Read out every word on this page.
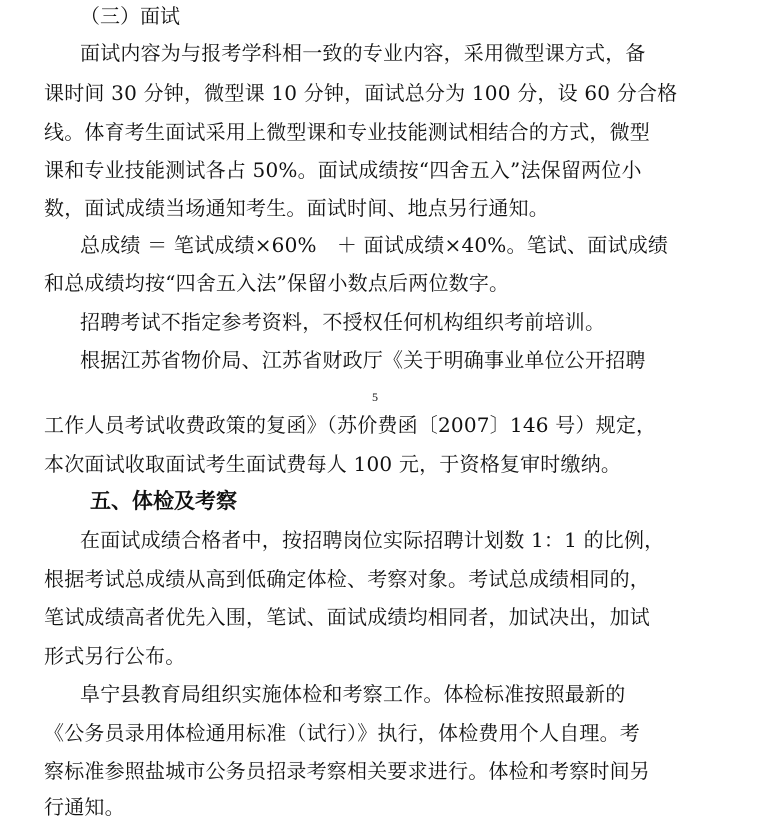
（三）面试
面试内容为与报考学科相一致的专业内容，采用微型课方式，备
课时间 30 分钟，微型课 10 分钟，面试总分为 100 分，设 60 分合格
线。体育考生面试采用上微型课和专业技能测试相结合的方式，微型
课和专业技能测试各占 50%。面试成绩按“四舍五入”法保留两位小
数，面试成绩当场通知考生。面试时间、地点另行通知。
总成绩 ＝ 笔试成绩×60%　＋ 面试成绩×40%。笔试、面试成绩
和总成绩均按“四舍五入法”保留小数点后两位数字。
招聘考试不指定参考资料，不授权任何机构组织考前培训。
根据江苏省物价局、江苏省财政厅《关于明确事业单位公开招聘
工作人员考试收费政策的复函》（苏价费函〔2007〕146 号）规定，
本次面试收取面试考生面试费每人 100 元，于资格复审时缴纳。
5
五、体检及考察
在面试成绩合格者中，按招聘岗位实际招聘计划数 1：1 的比例，
根据考试总成绩从高到低确定体检、考察对象。考试总成绩相同的，
笔试成绩高者优先入围，笔试、面试成绩均相同者，加试决出，加试
形式另行公布。
阜宁县教育局组织实施体检和考察工作。体检标准按照最新的
《公务员录用体检通用标准（试行）》执行，体检费用个人自理。考
察标准参照盐城市公务员招录考察相关要求进行。体检和考察时间另
行通知。
